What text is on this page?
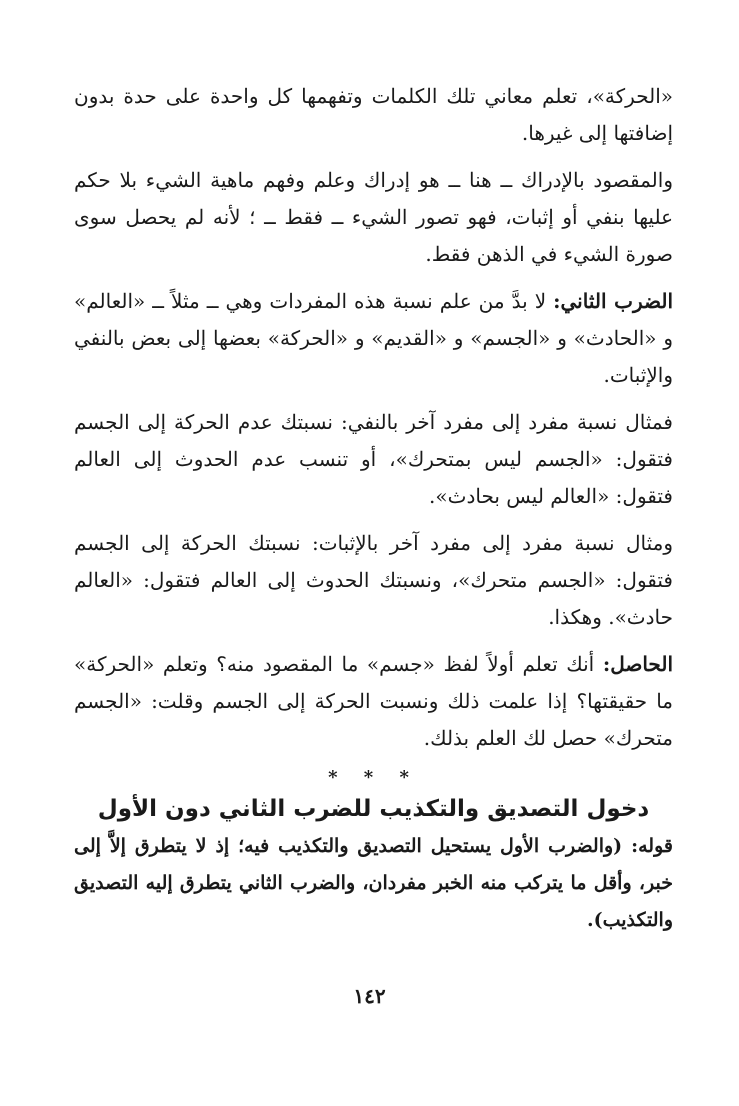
«الحركة»، تعلم معاني تلك الكلمات وتفهمها كل واحدة على حدة بدون إضافتها إلى غيرها.

والمقصود بالإدراك ــ هنا ــ هو إدراك وعلم وفهم ماهية الشيء بلا حكم عليها بنفي أو إثبات، فهو تصور الشيء ــ فقط ــ ؛ لأنه لم يحصل سوى صورة الشيء في الذهن فقط.

الضرب الثاني: لا بدَّ من علم نسبة هذه المفردات وهي ــ مثلاً ــ «العالم» و «الحادث» و «الجسم» و «القديم» و «الحركة» بعضها إلى بعض بالنفي والإثبات.

فمثال نسبة مفرد إلى مفرد آخر بالنفي: نسبتك عدم الحركة إلى الجسم فتقول: «الجسم ليس بمتحرك»، أو تنسب عدم الحدوث إلى العالم فتقول: «العالم ليس بحادث».

ومثال نسبة مفرد إلى مفرد آخر بالإثبات: نسبتك الحركة إلى الجسم فتقول: «الجسم متحرك»، ونسبتك الحدوث إلى العالم فتقول: «العالم حادث». وهكذا.

الحاصل: أنك تعلم أولاً لفظ «جسم» ما المقصود منه؟ وتعلم «الحركة» ما حقيقتها؟ إذا علمت ذلك ونسبت الحركة إلى الجسم وقلت: «الجسم متحرك» حصل لك العلم بذلك.

* * *
دخول التصديق والتكذيب للضرب الثاني دون الأول

قوله: (والضرب الأول يستحيل التصديق والتكذيب فيه؛ إذ لا يتطرق إلاَّ إلى خبر، وأقل ما يتركب منه الخبر مفردان، والضرب الثاني يتطرق إليه التصديق والتكذيب).

١٤٢
